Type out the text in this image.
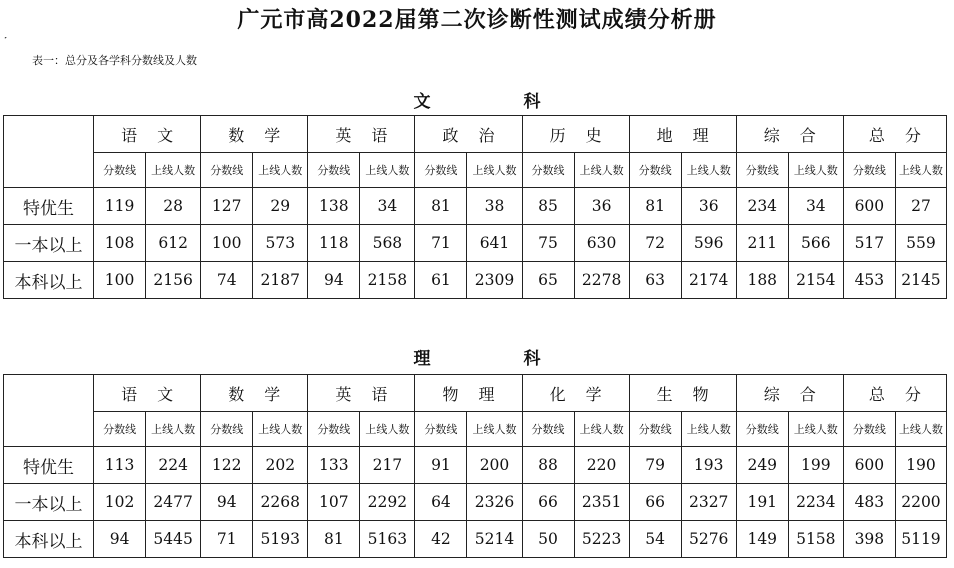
广元市高2022届第二次诊断性测试成绩分析册
˹
表一：总分及各学科分数线及人数
文　科
	语文		数学		英语		政治		历史		地理		综合		总分	
	分数线	上线人数	分数线	上线人数	分数线	上线人数	分数线	上线人数	分数线	上线人数	分数线	上线人数	分数线	上线人数	分数线	上线人数
特优生	119	28	127	29	138	34	81	38	85	36	81	36	234	34	600	27
一本以上	108	612	100	573	118	568	71	641	75	630	72	596	211	566	517	559
本科以上	100	2156	74	2187	94	2158	61	2309	65	2278	63	2174	188	2154	453	2145
理　科
	语文		数学		英语		物理		化学		生物		综合		总分	
	分数线	上线人数	分数线	上线人数	分数线	上线人数	分数线	上线人数	分数线	上线人数	分数线	上线人数	分数线	上线人数	分数线	上线人数
特优生	113	224	122	202	133	217	91	200	88	220	79	193	249	199	600	190
一本以上	102	2477	94	2268	107	2292	64	2326	66	2351	66	2327	191	2234	483	2200
本科以上	94	5445	71	5193	81	5163	42	5214	50	5223	54	5276	149	5158	398	5119
